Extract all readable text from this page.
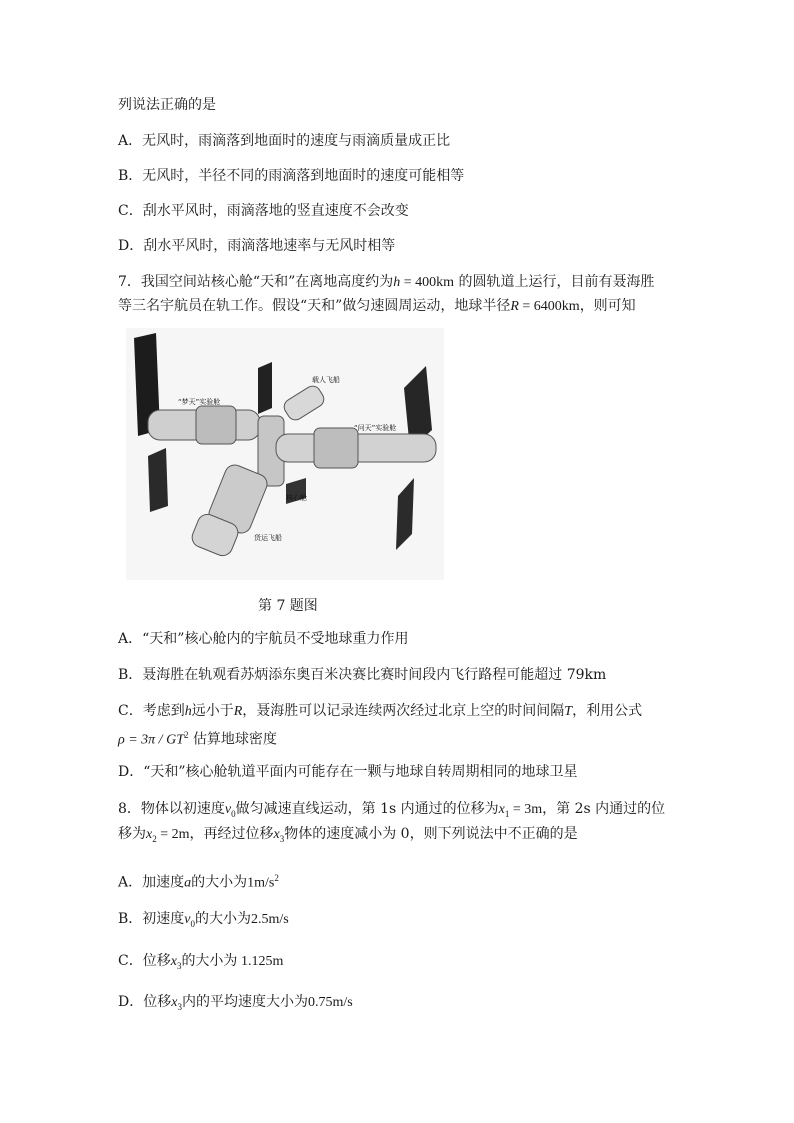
列说法正确的是
A．无风时，雨滴落到地面时的速度与雨滴质量成正比
B．无风时，半径不同的雨滴落到地面时的速度可能相等
C．刮水平风时，雨滴落地的竖直速度不会改变
D．刮水平风时，雨滴落地速率与无风时相等
7．我国空间站核心舱“天和”在离地高度约为h = 400km 的圆轨道上运行，目前有聂海胜
等三名宇航员在轨工作。假设“天和”做匀速圆周运动，地球半径R = 6400km，则可知
“梦天”实验舱
载人飞船
“问天”实验舱
核心舱
货运飞船
第 7 题图
A．“天和”核心舱内的宇航员不受地球重力作用
B．聂海胜在轨观看苏炳添东奥百米决赛比赛时间段内飞行路程可能超过 79km
C．考虑到h远小于R，聂海胜可以记录连续两次经过北京上空的时间间隔T，利用公式
$\rho = 3\pi / GT^2$ 估算地球密度
D．“天和”核心舱轨道平面内可能存在一颗与地球自转周期相同的地球卫星
8．物体以初速度$v_0$做匀减速直线运动，第 1s 内通过的位移为$x_1 = 3m$，第 2s 内通过的位
移为$x_2 = 2m$，再经过位移$x_3$物体的速度减小为 0，则下列说法中不正确的是
A．加速度a的大小为$1m/s^2$
B．初速度$v_0$的大小为2.5m/s
C．位移$x_3$的大小为 1.125m
D．位移$x_3$内的平均速度大小为0.75m/s
